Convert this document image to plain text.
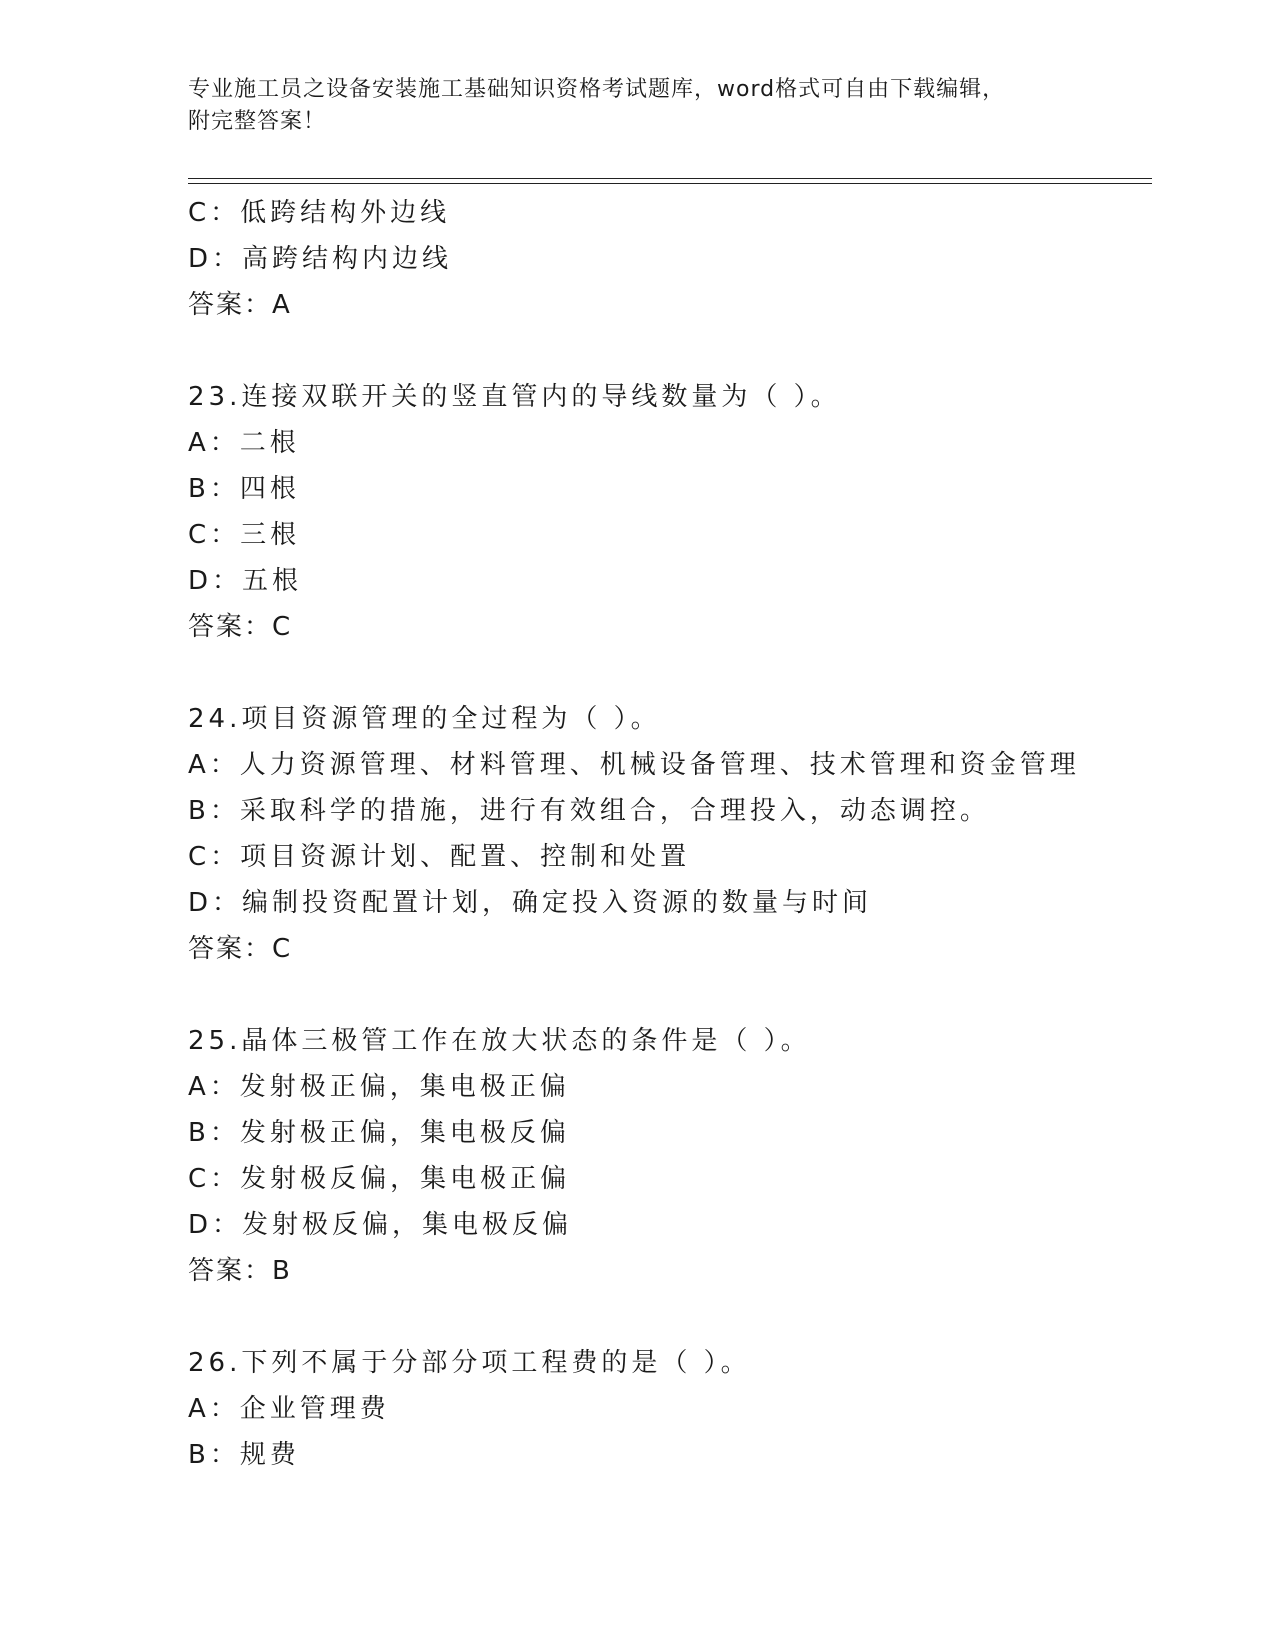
专业施工员之设备安装施工基础知识资格考试题库，word格式可自由下载编辑，
附完整答案！
C：低跨结构外边线
D：高跨结构内边线
答案：A
23.连接双联开关的竖直管内的导线数量为（ ）。
A：二根
B：四根
C：三根
D：五根
答案：C
24.项目资源管理的全过程为（ ）。
A：人力资源管理、材料管理、机械设备管理、技术管理和资金管理
B：采取科学的措施，进行有效组合，合理投入，动态调控。
C：项目资源计划、配置、控制和处置
D：编制投资配置计划，确定投入资源的数量与时间
答案：C
25.晶体三极管工作在放大状态的条件是（ ）。
A：发射极正偏，集电极正偏
B：发射极正偏，集电极反偏
C：发射极反偏，集电极正偏
D：发射极反偏，集电极反偏
答案：B
26.下列不属于分部分项工程费的是（ ）。
A：企业管理费
B：规费
